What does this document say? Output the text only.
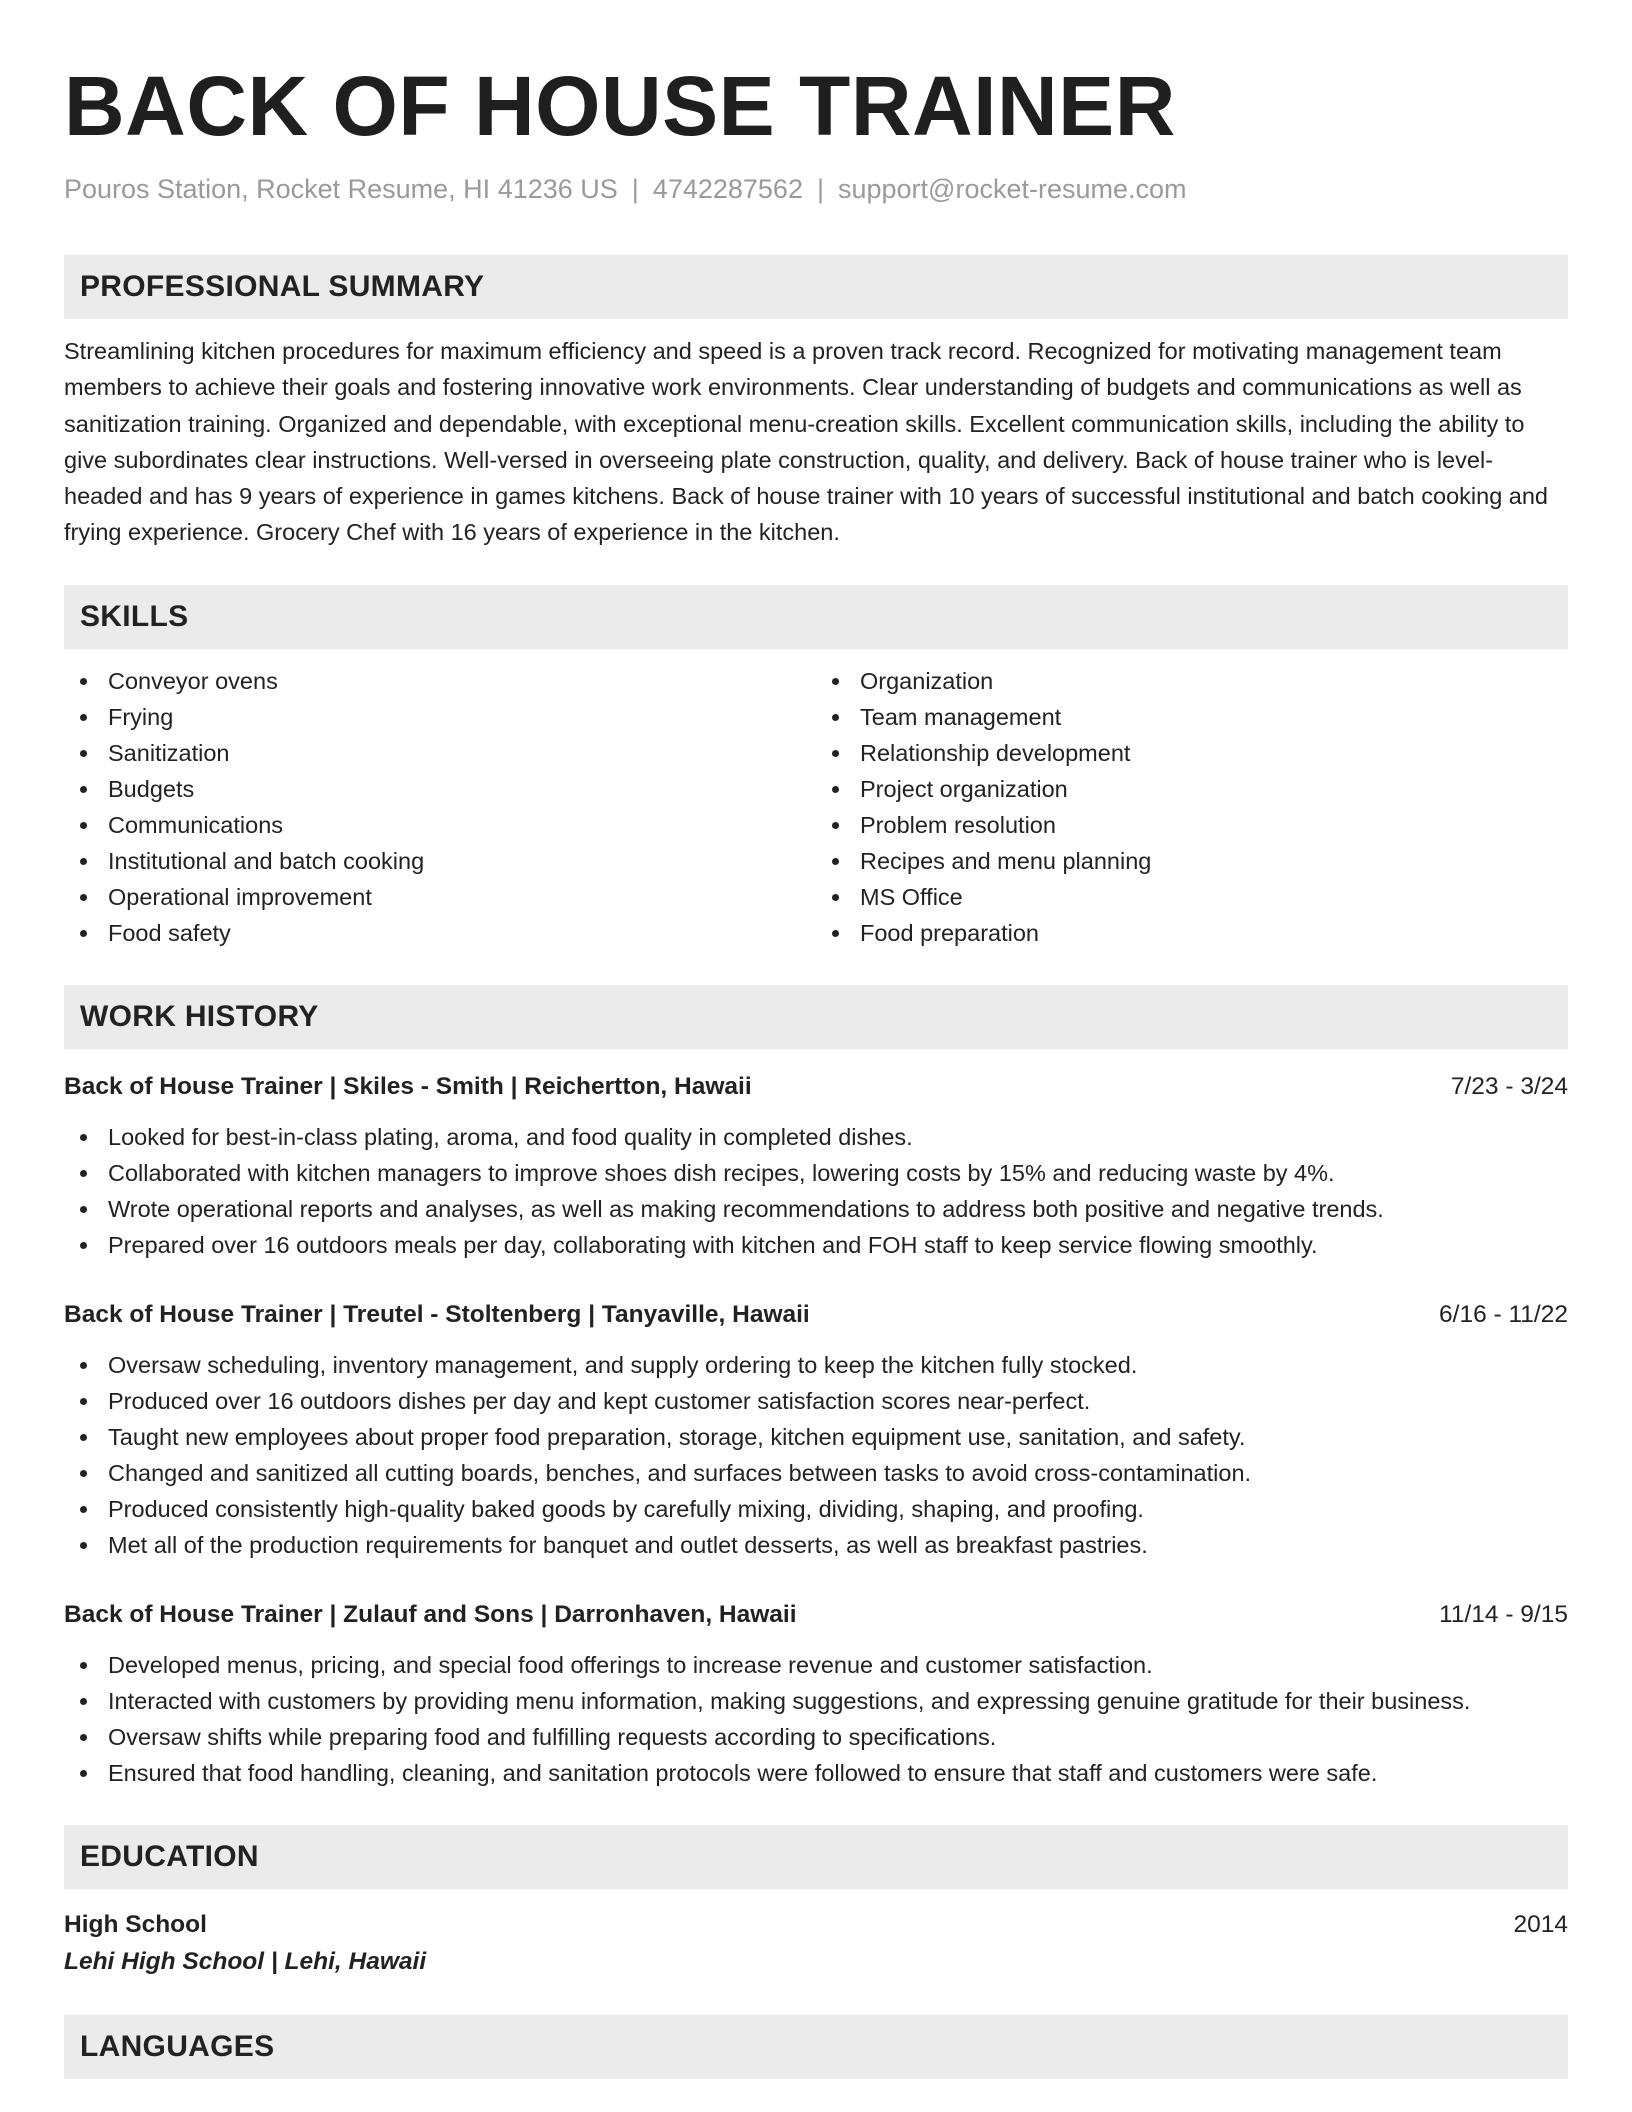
BACK OF HOUSE TRAINER
Pouros Station, Rocket Resume, HI 41236 US | 4742287562 | support@rocket-resume.com
PROFESSIONAL SUMMARY
Streamlining kitchen procedures for maximum efficiency and speed is a proven track record. Recognized for motivating management team members to achieve their goals and fostering innovative work environments. Clear understanding of budgets and communications as well as sanitization training. Organized and dependable, with exceptional menu-creation skills. Excellent communication skills, including the ability to give subordinates clear instructions. Well-versed in overseeing plate construction, quality, and delivery. Back of house trainer who is level-headed and has 9 years of experience in games kitchens. Back of house trainer with 10 years of successful institutional and batch cooking and frying experience. Grocery Chef with 16 years of experience in the kitchen.
SKILLS
Conveyor ovens
Frying
Sanitization
Budgets
Communications
Institutional and batch cooking
Operational improvement
Food safety
Organization
Team management
Relationship development
Project organization
Problem resolution
Recipes and menu planning
MS Office
Food preparation
WORK HISTORY
Back of House Trainer | Skiles - Smith | Reichertton, Hawaii	7/23 - 3/24
Looked for best-in-class plating, aroma, and food quality in completed dishes.
Collaborated with kitchen managers to improve shoes dish recipes, lowering costs by 15% and reducing waste by 4%.
Wrote operational reports and analyses, as well as making recommendations to address both positive and negative trends.
Prepared over 16 outdoors meals per day, collaborating with kitchen and FOH staff to keep service flowing smoothly.
Back of House Trainer | Treutel - Stoltenberg | Tanyaville, Hawaii	6/16 - 11/22
Oversaw scheduling, inventory management, and supply ordering to keep the kitchen fully stocked.
Produced over 16 outdoors dishes per day and kept customer satisfaction scores near-perfect.
Taught new employees about proper food preparation, storage, kitchen equipment use, sanitation, and safety.
Changed and sanitized all cutting boards, benches, and surfaces between tasks to avoid cross-contamination.
Produced consistently high-quality baked goods by carefully mixing, dividing, shaping, and proofing.
Met all of the production requirements for banquet and outlet desserts, as well as breakfast pastries.
Back of House Trainer | Zulauf and Sons | Darronhaven, Hawaii	11/14 - 9/15
Developed menus, pricing, and special food offerings to increase revenue and customer satisfaction.
Interacted with customers by providing menu information, making suggestions, and expressing genuine gratitude for their business.
Oversaw shifts while preparing food and fulfilling requests according to specifications.
Ensured that food handling, cleaning, and sanitation protocols were followed to ensure that staff and customers were safe.
EDUCATION
High School	2014
Lehi High School | Lehi, Hawaii
LANGUAGES
